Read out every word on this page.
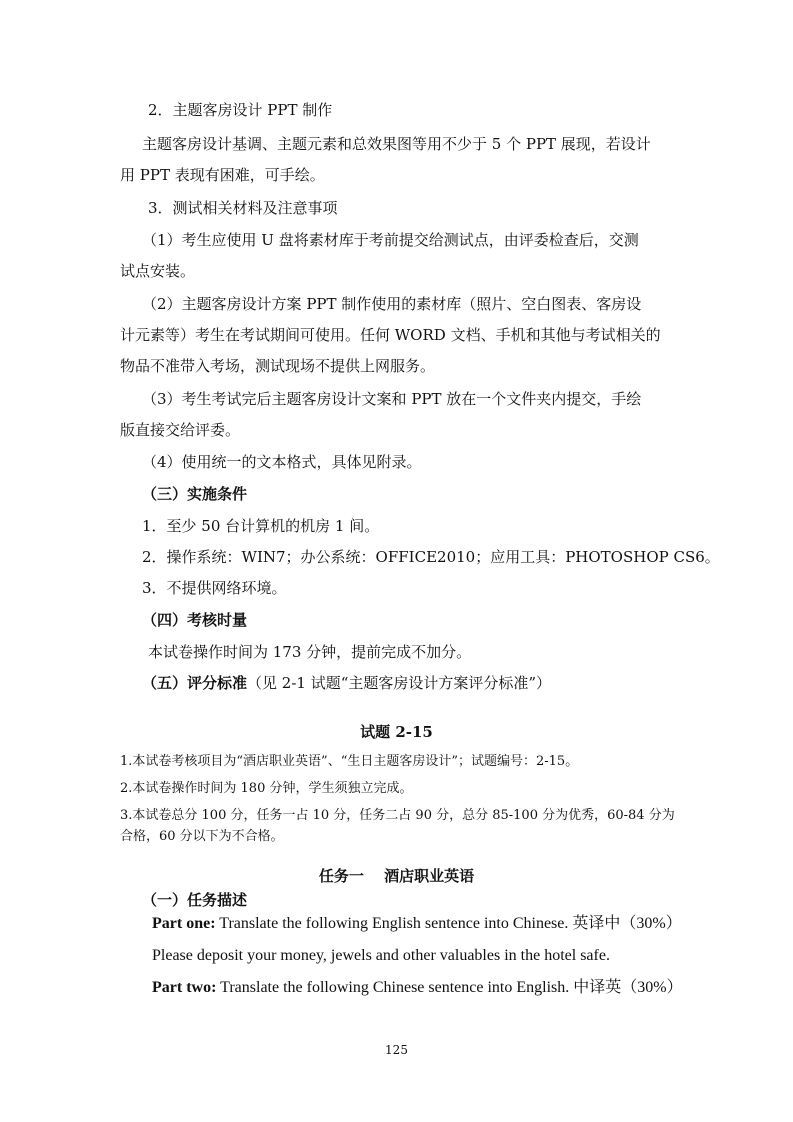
2．主题客房设计 PPT 制作
主题客房设计基调、主题元素和总效果图等用不少于 5 个 PPT 展现，若设计
用 PPT 表现有困难，可手绘。
3．测试相关材料及注意事项
（1）考生应使用 U 盘将素材库于考前提交给测试点，由评委检查后，交测
试点安装。
（2）主题客房设计方案 PPT 制作使用的素材库（照片、空白图表、客房设
计元素等）考生在考试期间可使用。任何 WORD 文档、手机和其他与考试相关的
物品不准带入考场，测试现场不提供上网服务。
（3）考生考试完后主题客房设计文案和 PPT 放在一个文件夹内提交，手绘
版直接交给评委。
（4）使用统一的文本格式，具体见附录。
（三）实施条件
1．至少 50 台计算机的机房 1 间。
2．操作系统：WIN7；办公系统：OFFICE2010；应用工具：PHOTOSHOP CS6。
3．不提供网络环境。
（四）考核时量
本试卷操作时间为 173 分钟，提前完成不加分。
（五）评分标准（见 2-1 试题“主题客房设计方案评分标准”）
试题 2-15
1.本试卷考核项目为“酒店职业英语”、“生日主题客房设计”；试题编号：2-15。
2.本试卷操作时间为 180 分钟，学生须独立完成。
3.本试卷总分 100 分，任务一占 10 分，任务二占 90 分，总分 85-100 分为优秀，60-84 分为
合格，60 分以下为不合格。
任务一　 酒店职业英语
（一）任务描述
Part one: Translate the following English sentence into Chinese. 英译中（30%）
Please deposit your money, jewels and other valuables in the hotel safe.
Part two: Translate the following Chinese sentence into English. 中译英（30%）
125
